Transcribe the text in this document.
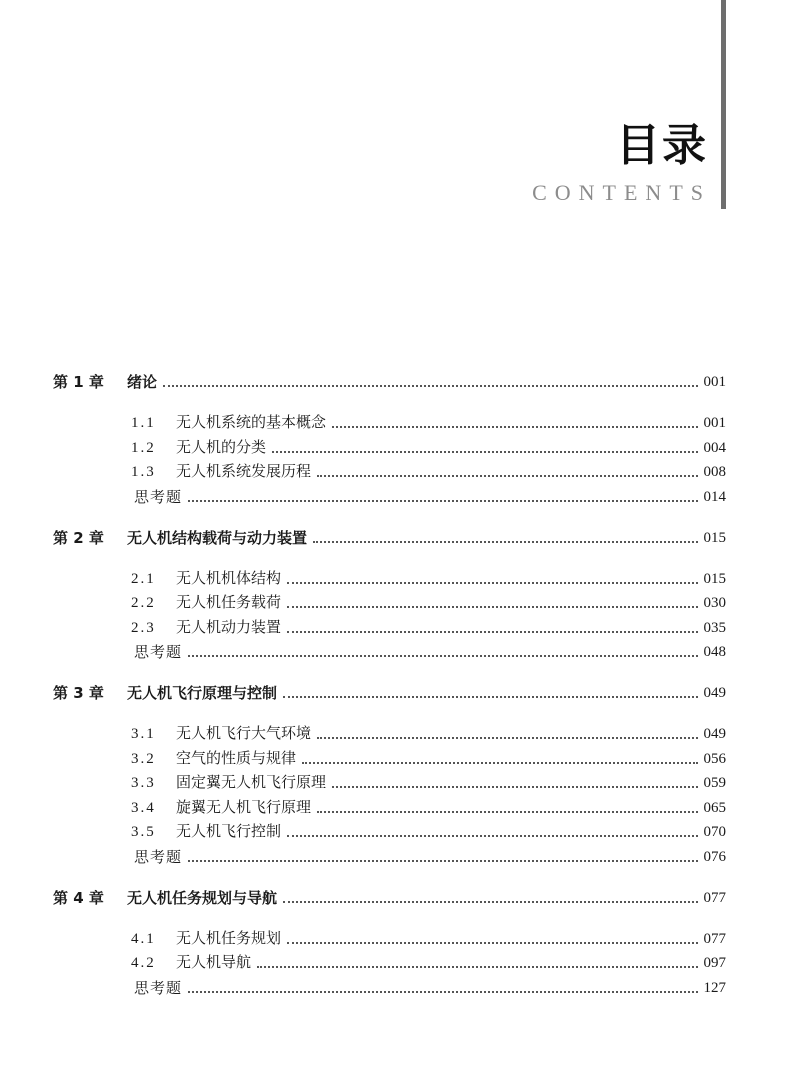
目录
CONTENTS
第 1 章 绪论	001
1.1 无人机系统的基本概念	001
1.2 无人机的分类	004
1.3 无人机系统发展历程	008
思考题	014
第 2 章 无人机结构载荷与动力装置	015
2.1 无人机机体结构	015
2.2 无人机任务载荷	030
2.3 无人机动力装置	035
思考题	048
第 3 章 无人机飞行原理与控制	049
3.1 无人机飞行大气环境	049
3.2 空气的性质与规律	056
3.3 固定翼无人机飞行原理	059
3.4 旋翼无人机飞行原理	065
3.5 无人机飞行控制	070
思考题	076
第 4 章 无人机任务规划与导航	077
4.1 无人机任务规划	077
4.2 无人机导航	097
思考题	127
